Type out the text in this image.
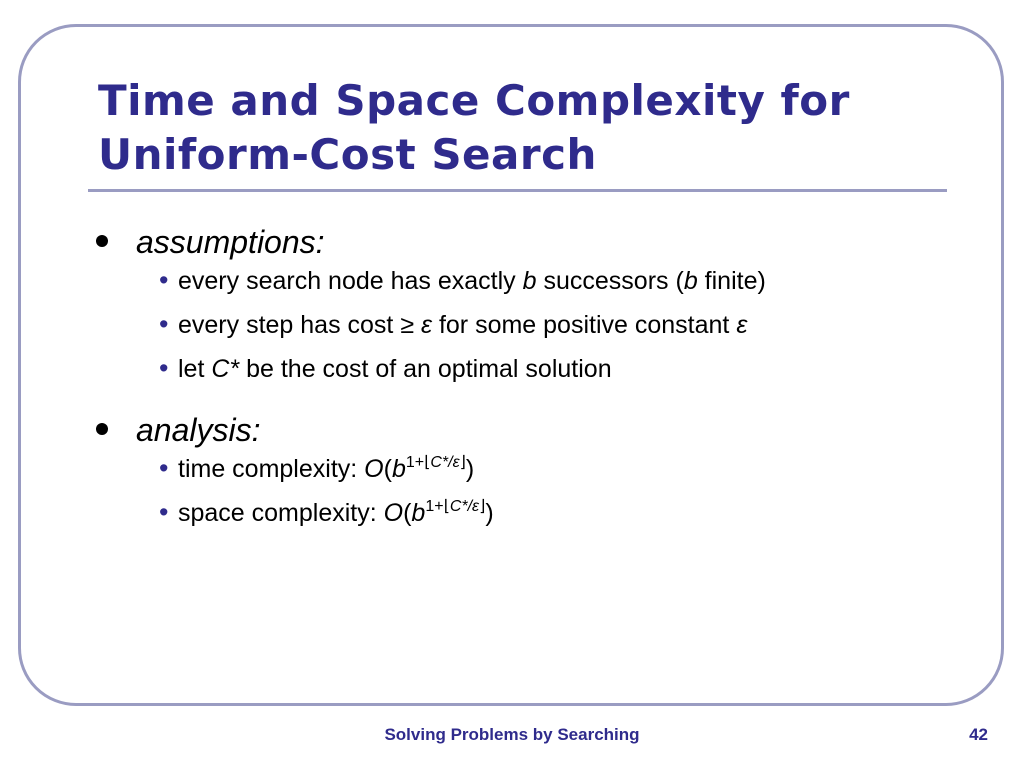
Time and Space Complexity for
Uniform-Cost Search
assumptions:
• every search node has exactly b successors (b finite)
• every step has cost ≥ ε for some positive constant ε
• let C* be the cost of an optimal solution
analysis:
• time complexity: $O(b^{1+⌊C*/\varepsilon⌋})$
• space complexity: $O(b^{1+⌊C*/\varepsilon⌋})$
Solving Problems by Searching	42
